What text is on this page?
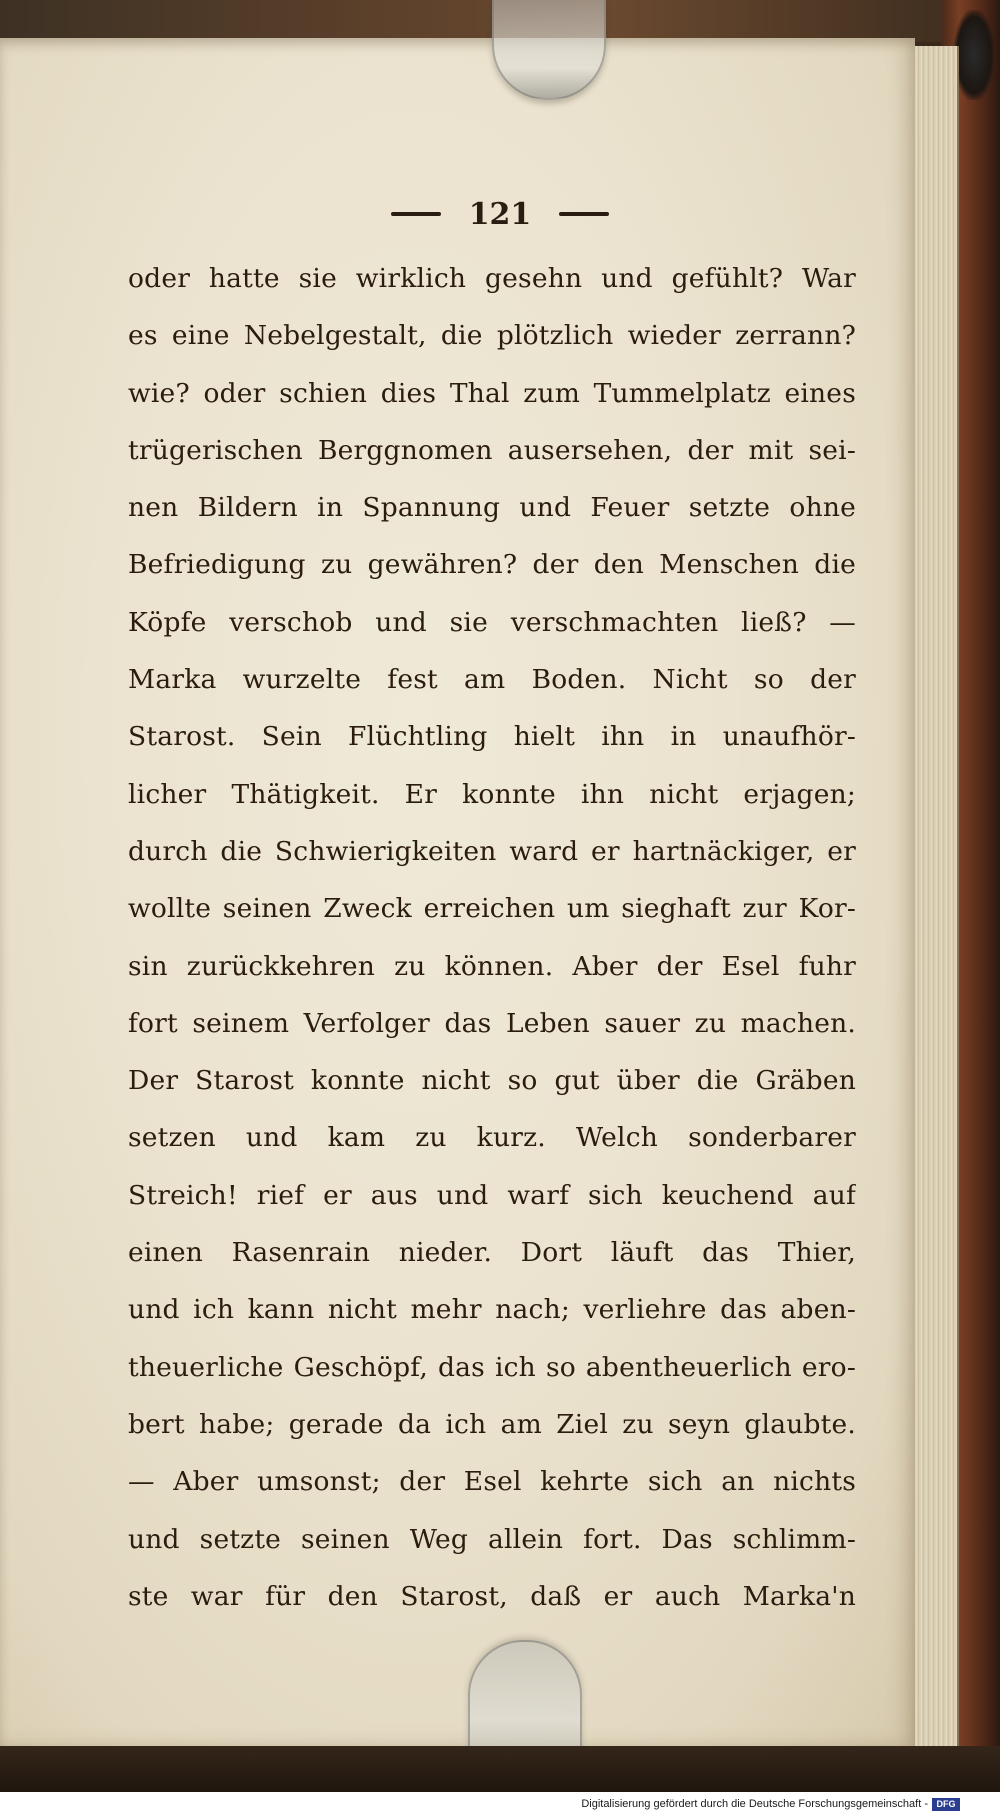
121
oder hatte sie wirklich gesehn und gefühlt? War
es eine Nebelgestalt, die plötzlich wieder zerrann?
wie? oder schien dies Thal zum Tummelplatz eines
trügerischen Berggnomen ausersehen, der mit sei-
nen Bildern in Spannung und Feuer setzte ohne
Befriedigung zu gewähren? der den Menschen die
Köpfe verschob und sie verschmachten ließ? —
Marka wurzelte fest am Boden. Nicht so der
Starost. Sein Flüchtling hielt ihn in unaufhör-
licher Thätigkeit. Er konnte ihn nicht erjagen;
durch die Schwierigkeiten ward er hartnäckiger, er
wollte seinen Zweck erreichen um sieghaft zur Kor-
sin zurückkehren zu können. Aber der Esel fuhr
fort seinem Verfolger das Leben sauer zu machen.
Der Starost konnte nicht so gut über die Gräben
setzen und kam zu kurz. Welch sonderbarer
Streich! rief er aus und warf sich keuchend auf
einen Rasenrain nieder. Dort läuft das Thier,
und ich kann nicht mehr nach; verliehre das aben-
theuerliche Geschöpf, das ich so abentheuerlich ero-
bert habe; gerade da ich am Ziel zu seyn glaubte.
— Aber umsonst; der Esel kehrte sich an nichts
und setzte seinen Weg allein fort. Das schlimm-
ste war für den Starost, daß er auch Marka'n
Digitalisierung gefördert durch die Deutsche Forschungsgemeinschaft - DFG
